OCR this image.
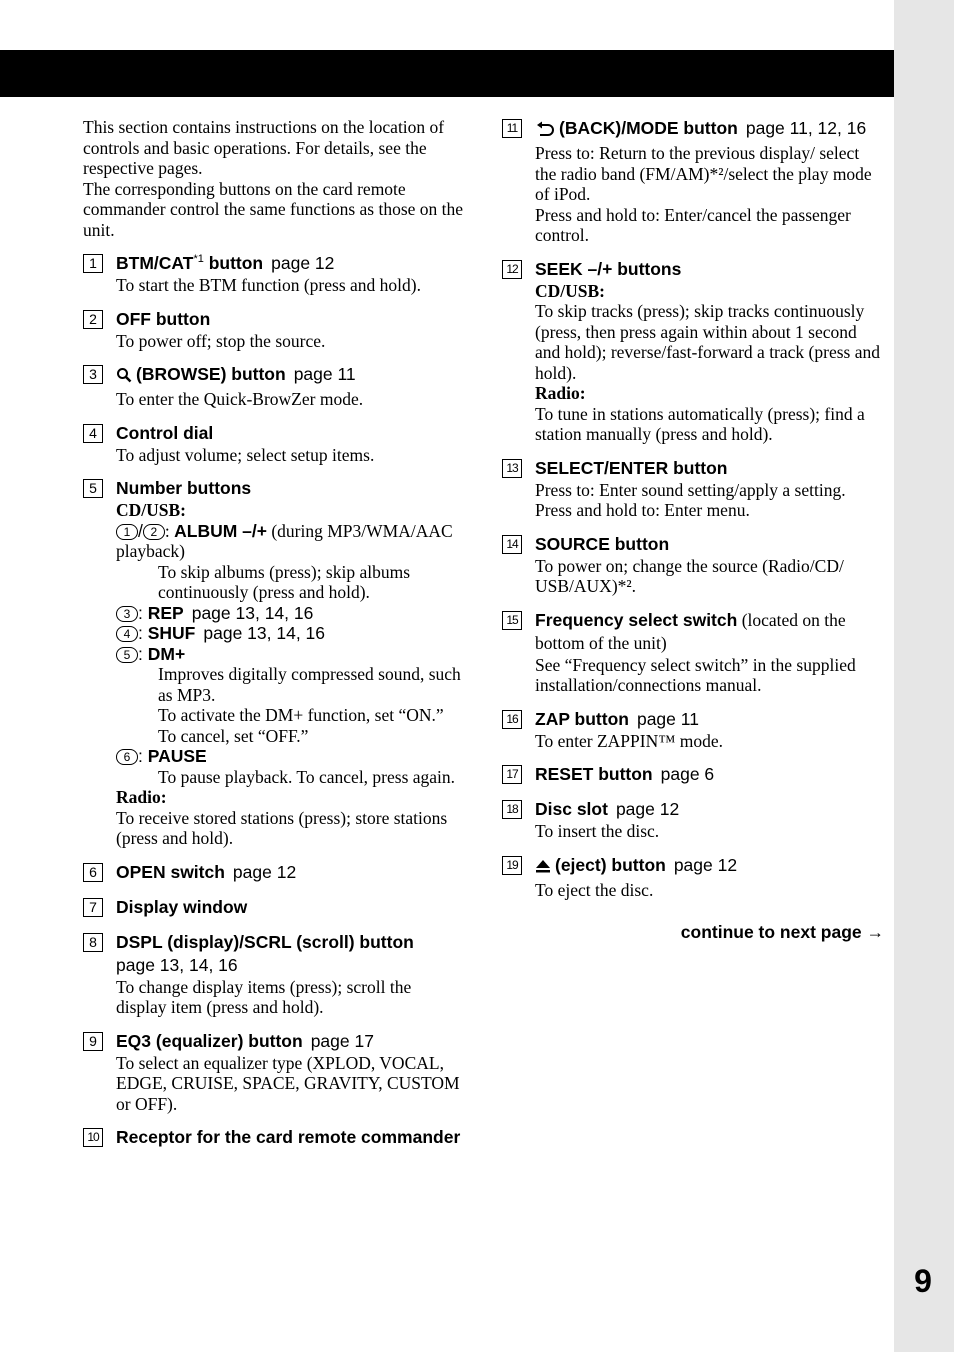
9

This section contains instructions on the location of controls and basic operations. For details, see the respective pages.

The corresponding buttons on the card remote commander control the same functions as those on the unit.

1	BTM/CAT$^{*1}$ button page 12

To start the BTM function (press and hold).

2	OFF button

To power off; stop the source.

3	(BROWSE) button page 11

To enter the Quick-BrowZer mode.

4	Control dial

To adjust volume; select setup items.

5	Number buttons
CD/USB:
1 / 2 : ALBUM –/+ (during MP3/WMA/AAC playback)

To skip albums (press); skip albums continuously (press and hold).

3 : REP page 13, 14, 16
4 : SHUF page 13, 14, 16
5 : DM+

Improves digitally compressed sound, such as MP3.

To activate the DM+ function, set “ON.” To cancel, set “OFF.”

6 : PAUSE

To pause playback. To cancel, press again.

Radio:

To receive stored stations (press); store stations (press and hold).

6	OPEN switch page 12
7	Display window
8	DSPL (display)/SCRL (scroll) button
page 13, 14, 16

To change display items (press); scroll the display item (press and hold).

9	EQ3 (equalizer) button page 17

To select an equalizer type (XPLOD, VOCAL, EDGE, CRUISE, SPACE, GRAVITY, CUSTOM or OFF).

10 Receptor for the card remote commander
11	(BACK)/MODE button page 11, 12, 16

Press to: Return to the previous display/ select the radio band (FM/AM)*²/select the play mode of iPod.

Press and hold to: Enter/cancel the passenger control.

12 SEEK –/+ buttons
CD/USB:

To skip tracks (press); skip tracks continuously (press, then press again within about 1 second and hold); reverse/fast-forward a track (press and hold).

Radio:

To tune in stations automatically (press); find a station manually (press and hold).

13 SELECT/ENTER button

Press to: Enter sound setting/apply a setting.

Press and hold to: Enter menu.

14 SOURCE button

To power on; change the source (Radio/CD/ USB/AUX)*².

15 Frequency select switch (located on the bottom of the unit)

See “Frequency select switch” in the supplied installation/connections manual.

16 ZAP button page 11

To enter ZAPPIN™ mode.

17 RESET button page 6
18 Disc slot page 12

To insert the disc.

19	(eject) button page 12

To eject the disc.

continue to next page →
